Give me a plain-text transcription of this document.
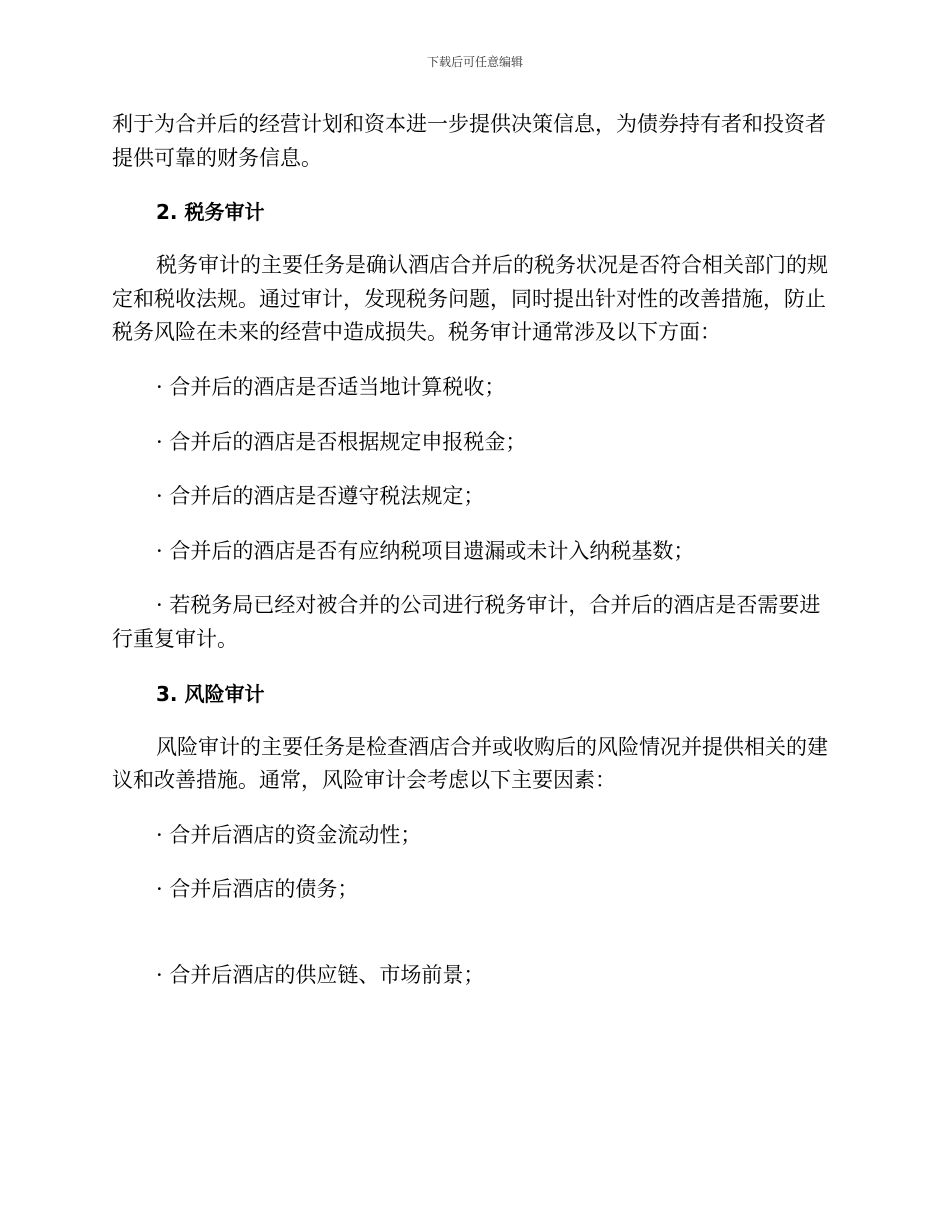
下载后可任意编辑

利于为合并后的经营计划和资本进一步提供决策信息，为债券持有者和投资者提供可靠的财务信息。

2. 税务审计

税务审计的主要任务是确认酒店合并后的税务状况是否符合相关部门的规定和税收法规。通过审计，发现税务问题，同时提出针对性的改善措施，防止税务风险在未来的经营中造成损失。税务审计通常涉及以下方面：

· 合并后的酒店是否适当地计算税收；

· 合并后的酒店是否根据规定申报税金；

· 合并后的酒店是否遵守税法规定；

· 合并后的酒店是否有应纳税项目遗漏或未计入纳税基数；

· 若税务局已经对被合并的公司进行税务审计，合并后的酒店是否需要进行重复审计。

3. 风险审计

风险审计的主要任务是检查酒店合并或收购后的风险情况并提供相关的建议和改善措施。通常，风险审计会考虑以下主要因素：

· 合并后酒店的资金流动性；

· 合并后酒店的债务；

· 合并后酒店的供应链、市场前景；
